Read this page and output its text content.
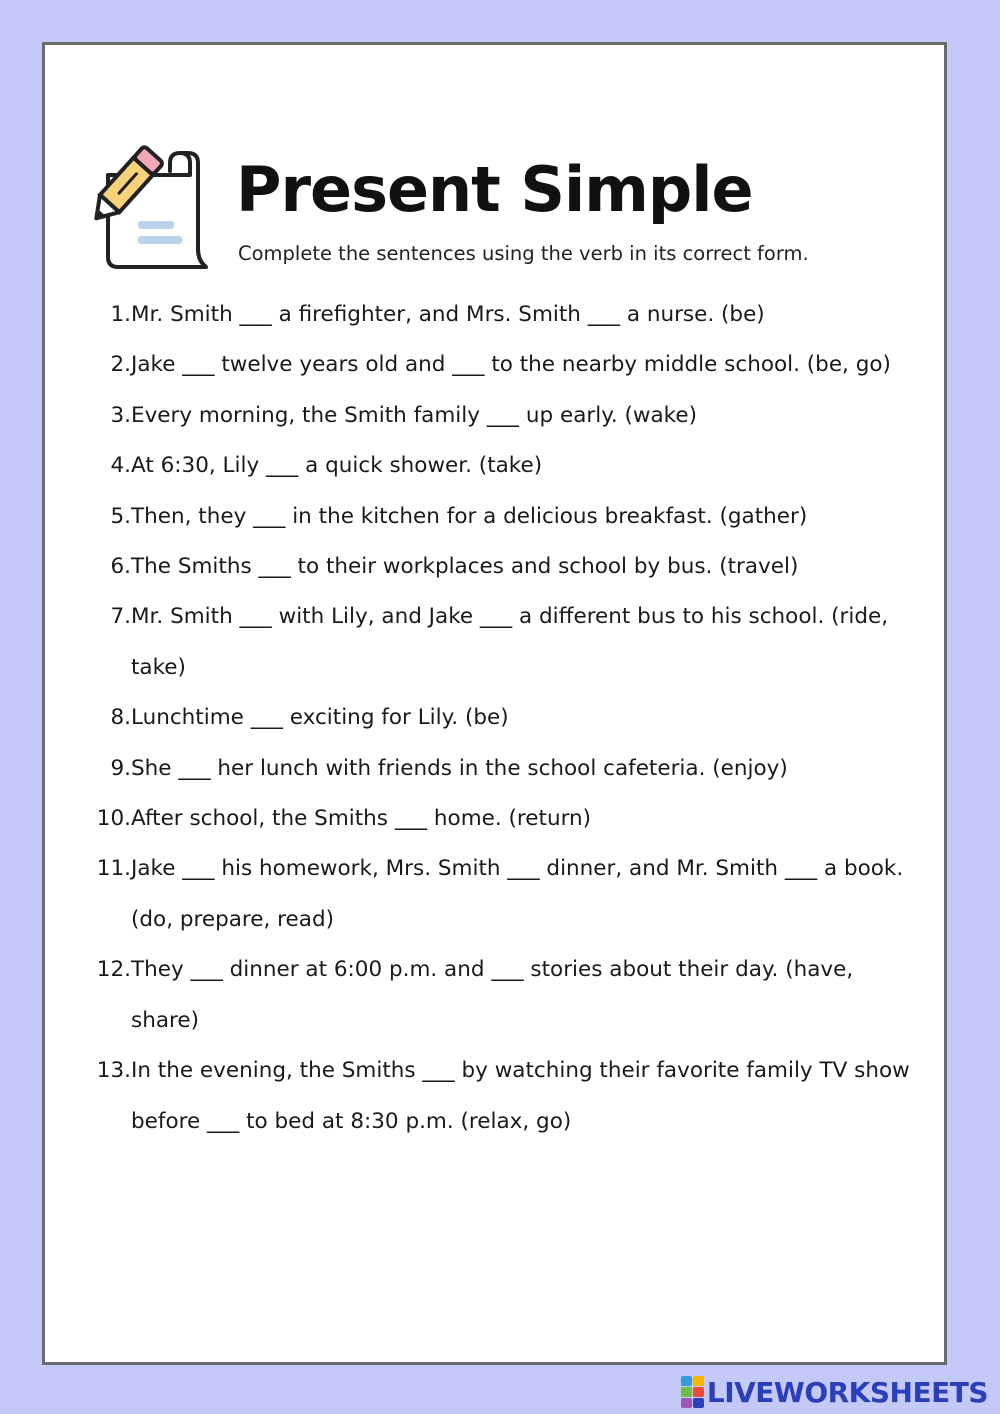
Present Simple

Complete the sentences using the verb in its correct form.

1. Mr. Smith ___ a firefighter, and Mrs. Smith ___ a nurse. (be)
2. Jake ___ twelve years old and ___ to the nearby middle school. (be, go)
3. Every morning, the Smith family ___ up early. (wake)
4. At 6:30, Lily ___ a quick shower. (take)
5. Then, they ___ in the kitchen for a delicious breakfast. (gather)
6. The Smiths ___ to their workplaces and school by bus. (travel)
7. Mr. Smith ___ with Lily, and Jake ___ a different bus to his school. (ride, take)
8. Lunchtime ___ exciting for Lily. (be)
9. She ___ her lunch with friends in the school cafeteria. (enjoy)
10. After school, the Smiths ___ home. (return)
11. Jake ___ his homework, Mrs. Smith ___ dinner, and Mr. Smith ___ a book. (do, prepare, read)
12. They ___ dinner at 6:00 p.m. and ___ stories about their day. (have, share)
13. In the evening, the Smiths ___ by watching their favorite family TV show before ___ to bed at 8:30 p.m. (relax, go)
LIVEWORKSHEETS
